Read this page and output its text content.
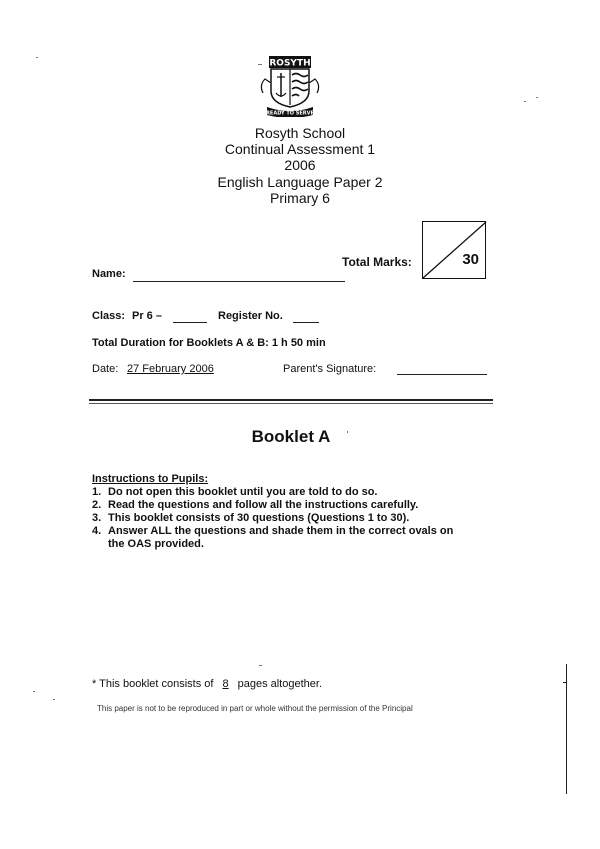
ROSYTH
READY TO SERVE
Rosyth School
Continual Assessment 1
2006
English Language Paper 2
Primary 6
Total Marks:	30
Name:
Class: Pr 6 –	Register No.
Total Duration for Booklets A & B: 1 h 50 min
Date: 27 February 2006	Parent's Signature:
Booklet A
Instructions to Pupils:
1. Do not open this booklet until you are told to do so.
2. Read the questions and follow all the instructions carefully.
3. This booklet consists of 30 questions (Questions 1 to 30).
4. Answer ALL the questions and shade them in the correct ovals on
the OAS provided.
* This booklet consists of 8 pages altogether.
This paper is not to be reproduced in part or whole without the permission of the Principal
